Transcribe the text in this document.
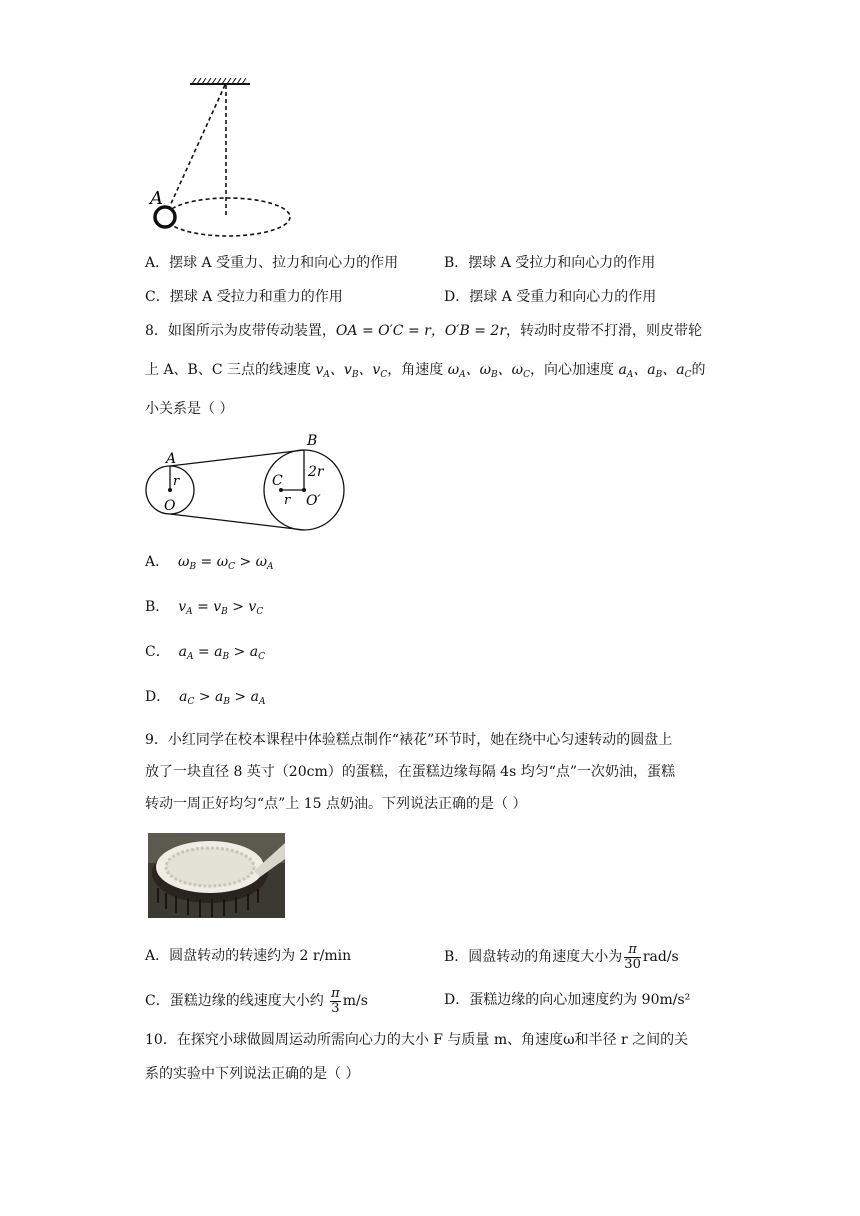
A
A．摆球 A 受重力、拉力和向心力的作用	B．摆球 A 受拉力和向心力的作用
C．摆球 A 受拉力和重力的作用	D．摆球 A 受重力和向心力的作用
8．如图所示为皮带传动装置，OA = O′C = r，O′B = 2r，转动时皮带不打滑，则皮带轮
上 A、B、C 三点的线速度 $v_A$、$v_B$、$v_C$，角速度 $\omega_A$、$\omega_B$、$\omega_C$，向心加速度 $a_A$、$a_B$、$a_C$的
小关系是（ ）
A
r
O
B
2r
C
r O′
A．  $\omega_B = \omega_C > \omega_A$
B．  $v_A = v_B > v_C$
C．  $a_A = a_B > a_C$
D．  $a_C > a_B > a_A$
9．小红同学在校本课程中体验糕点制作“裱花”环节时，她在绕中心匀速转动的圆盘上
放了一块直径 8 英寸（20cm）的蛋糕，在蛋糕边缘每隔 4s 均匀“点”一次奶油，蛋糕
转动一周正好均匀“点”上 15 点奶油。下列说法正确的是（ ）
A．圆盘转动的转速约为 2 r/min	B．圆盘转动的角速度大小为 $\frac{\pi}{30} rad/s$
C．蛋糕边缘的线速度大小约 $\frac{\pi}{3} m/s$	D．蛋糕边缘的向心加速度约为 90m/s²
10．在探究小球做圆周运动所需向心力的大小 F 与质量 m、角速度ω和半径 r 之间的关
系的实验中下列说法正确的是（ ）
